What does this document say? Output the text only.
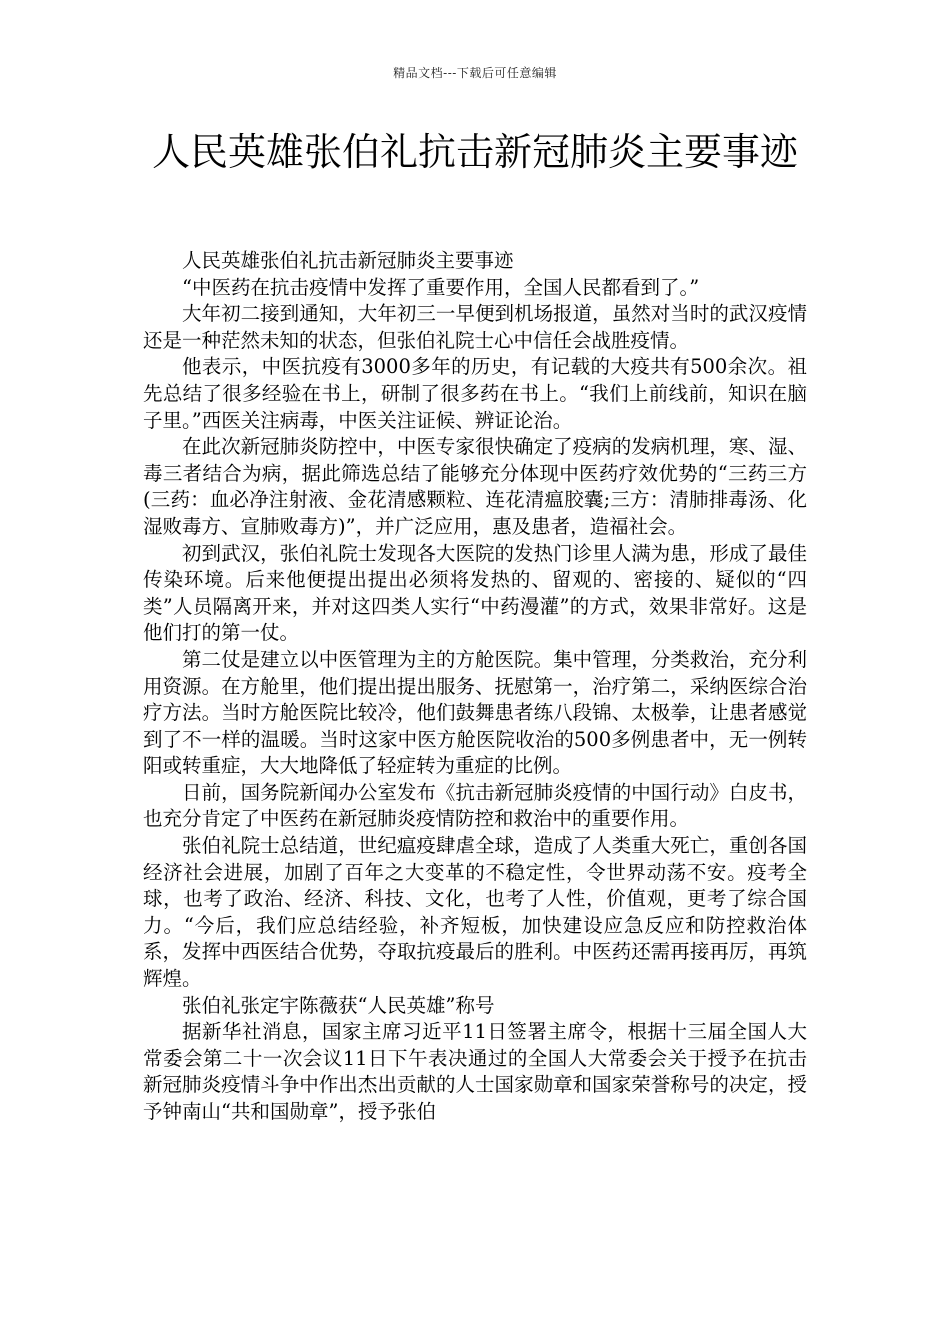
精品文档---下载后可任意编辑
人民英雄张伯礼抗击新冠肺炎主要事迹

人民英雄张伯礼抗击新冠肺炎主要事迹

“中医药在抗击疫情中发挥了重要作用，全国人民都看到了。”

大年初二接到通知，大年初三一早便到机场报道，虽然对当时的武汉疫情还是一种茫然未知的状态，但张伯礼院士心中信任会战胜疫情。

他表示，中医抗疫有3000多年的历史，有记载的大疫共有500余次。祖先总结了很多经验在书上，研制了很多药在书上。“我们上前线前，知识在脑子里。”西医关注病毒，中医关注证候、辨证论治。

在此次新冠肺炎防控中，中医专家很快确定了疫病的发病机理，寒、湿、毒三者结合为病，据此筛选总结了能够充分体现中医药疗效优势的“三药三方(三药：血必净注射液、金花清感颗粒、连花清瘟胶囊;三方：清肺排毒汤、化湿败毒方、宣肺败毒方)”，并广泛应用，惠及患者，造福社会。

初到武汉，张伯礼院士发现各大医院的发热门诊里人满为患，形成了最佳传染环境。后来他便提出提出必须将发热的、留观的、密接的、疑似的“四类”人员隔离开来，并对这四类人实行“中药漫灌”的方式，效果非常好。这是他们打的第一仗。

第二仗是建立以中医管理为主的方舱医院。集中管理，分类救治，充分利用资源。在方舱里，他们提出提出服务、抚慰第一，治疗第二，采纳医综合治疗方法。当时方舱医院比较冷，他们鼓舞患者练八段锦、太极拳，让患者感觉到了不一样的温暖。当时这家中医方舱医院收治的500多例患者中，无一例转阳或转重症，大大地降低了轻症转为重症的比例。

日前，国务院新闻办公室发布《抗击新冠肺炎疫情的中国行动》白皮书，也充分肯定了中医药在新冠肺炎疫情防控和救治中的重要作用。

张伯礼院士总结道，世纪瘟疫肆虐全球，造成了人类重大死亡，重创各国经济社会进展，加剧了百年之大变革的不稳定性，令世界动荡不安。疫考全球，也考了政治、经济、科技、文化，也考了人性，价值观，更考了综合国力。“今后，我们应总结经验，补齐短板，加快建设应急反应和防控救治体系，发挥中西医结合优势，夺取抗疫最后的胜利。中医药还需再接再厉，再筑辉煌。

张伯礼张定宇陈薇获“人民英雄”称号

据新华社消息，国家主席习近平11日签署主席令，根据十三届全国人大常委会第二十一次会议11日下午表决通过的全国人大常委会关于授予在抗击新冠肺炎疫情斗争中作出杰出贡献的人士国家勋章和国家荣誉称号的决定，授予钟南山“共和国勋章”，授予张伯
